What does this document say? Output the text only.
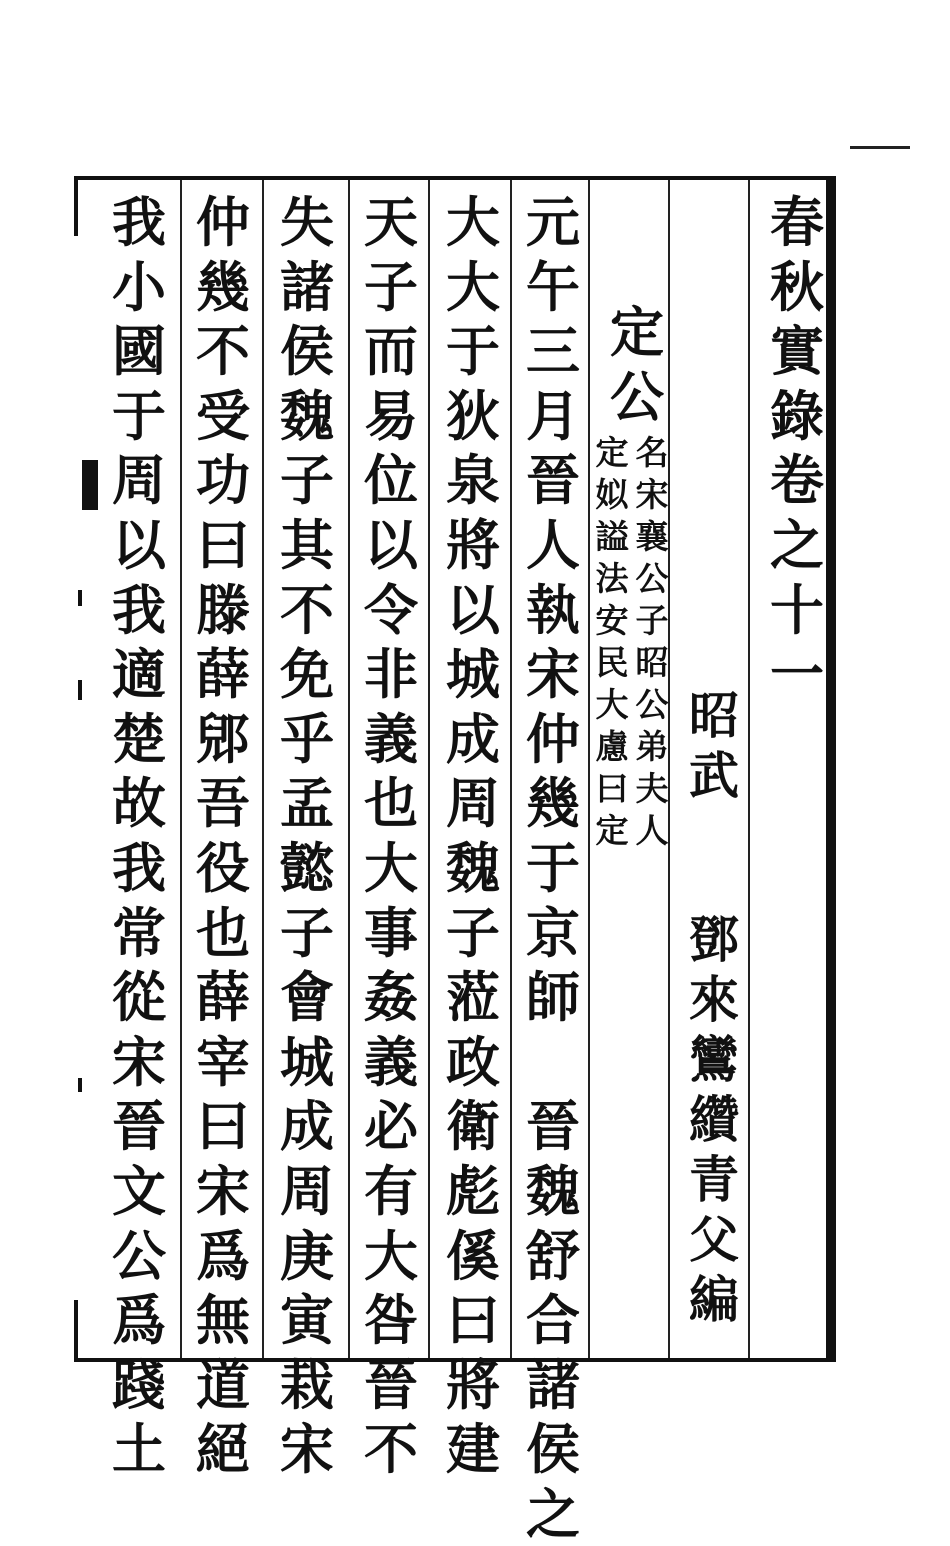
春
秋
實
錄
卷
之
十
一
昭
武
鄧
來
鸞
纘
青
父
編
定
公
名
宋
襄
公
子
昭
公
弟
夫
人
定
姒
謚
法
安
民
大
慮
曰
定
元
午
三
月
晉
人
執
宋
仲
幾
于
京
師

晉
魏
舒
合
諸
侯
之
大
大
于
狄
泉
將
以
城
成
周
魏
子
蒞
政
衛
彪
傒
曰
將
建
天
子
而
易
位
以
令
非
義
也
大
事
姦
義
必
有
大
咎
晉
不
失
諸
侯
魏
子
其
不
免
乎
孟
懿
子
會
城
成
周
庚
寅
栽
宋
仲
幾
不
受
功
曰
滕
薛
郳
吾
役
也
薛
宰
曰
宋
爲
無
道
絕
我
小
國
于
周
以
我
適
楚
故
我
常
從
宋
晉
文
公
爲
踐
土
